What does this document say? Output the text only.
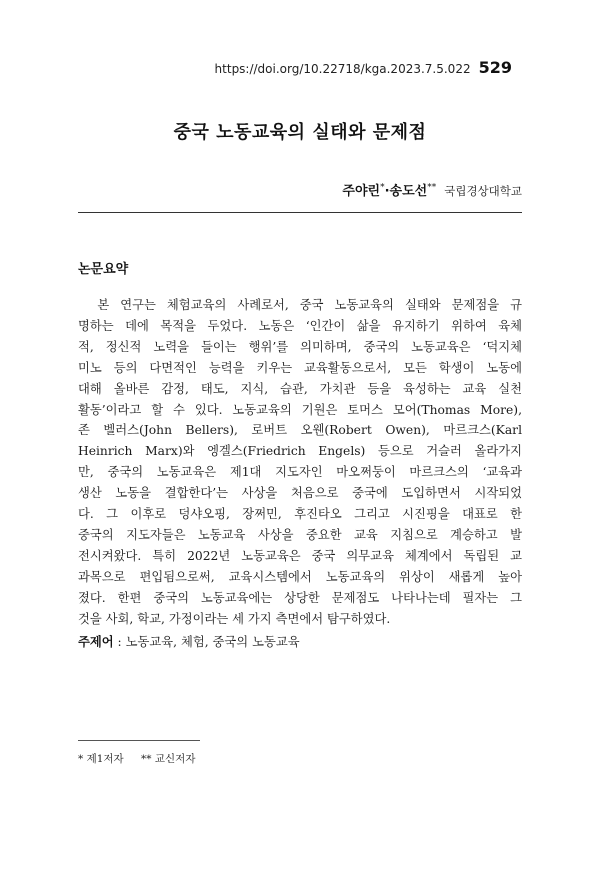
https://doi.org/10.22718/kga.2023.7.5.022 529
중국 노동교육의 실태와 문제점
주야린* · 송도선** 국립경상대학교
논문요약
　본 연구는 체험교육의 사례로서, 중국 노동교육의 실태와 문제점을 규
명하는 데에 목적을 두었다. 노동은 ‘인간이 삶을 유지하기 위하여 육체
적, 정신적 노력을 들이는 행위’를 의미하며, 중국의 노동교육은 ‘덕지체
미노 등의 다면적인 능력을 키우는 교육활동으로서, 모든 학생이 노동에
대해 올바른 감정, 태도, 지식, 습관, 가치관 등을 육성하는 교육 실천
활동’이라고 할 수 있다. 노동교육의 기원은 토머스 모어(Thomas More),
존 벨러스(John Bellers), 로버트 오웬(Robert Owen), 마르크스(Karl
Heinrich Marx)와 엥겔스(Friedrich Engels) 등으로 거슬러 올라가지
만, 중국의 노동교육은 제1대 지도자인 마오쩌둥이 마르크스의 ‘교육과
생산 노동을 결합한다’는 사상을 처음으로 중국에 도입하면서 시작되었
다. 그 이후로 덩샤오핑, 장쩌민, 후진타오 그리고 시진핑을 대표로 한
중국의 지도자들은 노동교육 사상을 중요한 교육 지침으로 계승하고 발
전시켜왔다. 특히 2022년 노동교육은 중국 의무교육 체계에서 독립된 교
과목으로 편입됨으로써, 교육시스템에서 노동교육의 위상이 새롭게 높아
졌다. 한편 중국의 노동교육에는 상당한 문제점도 나타나는데 필자는 그
것을 사회, 학교, 가정이라는 세 가지 측면에서 탐구하였다.
주제어 : 노동교육, 체험, 중국의 노동교육
* 제1저자 ** 교신저자
